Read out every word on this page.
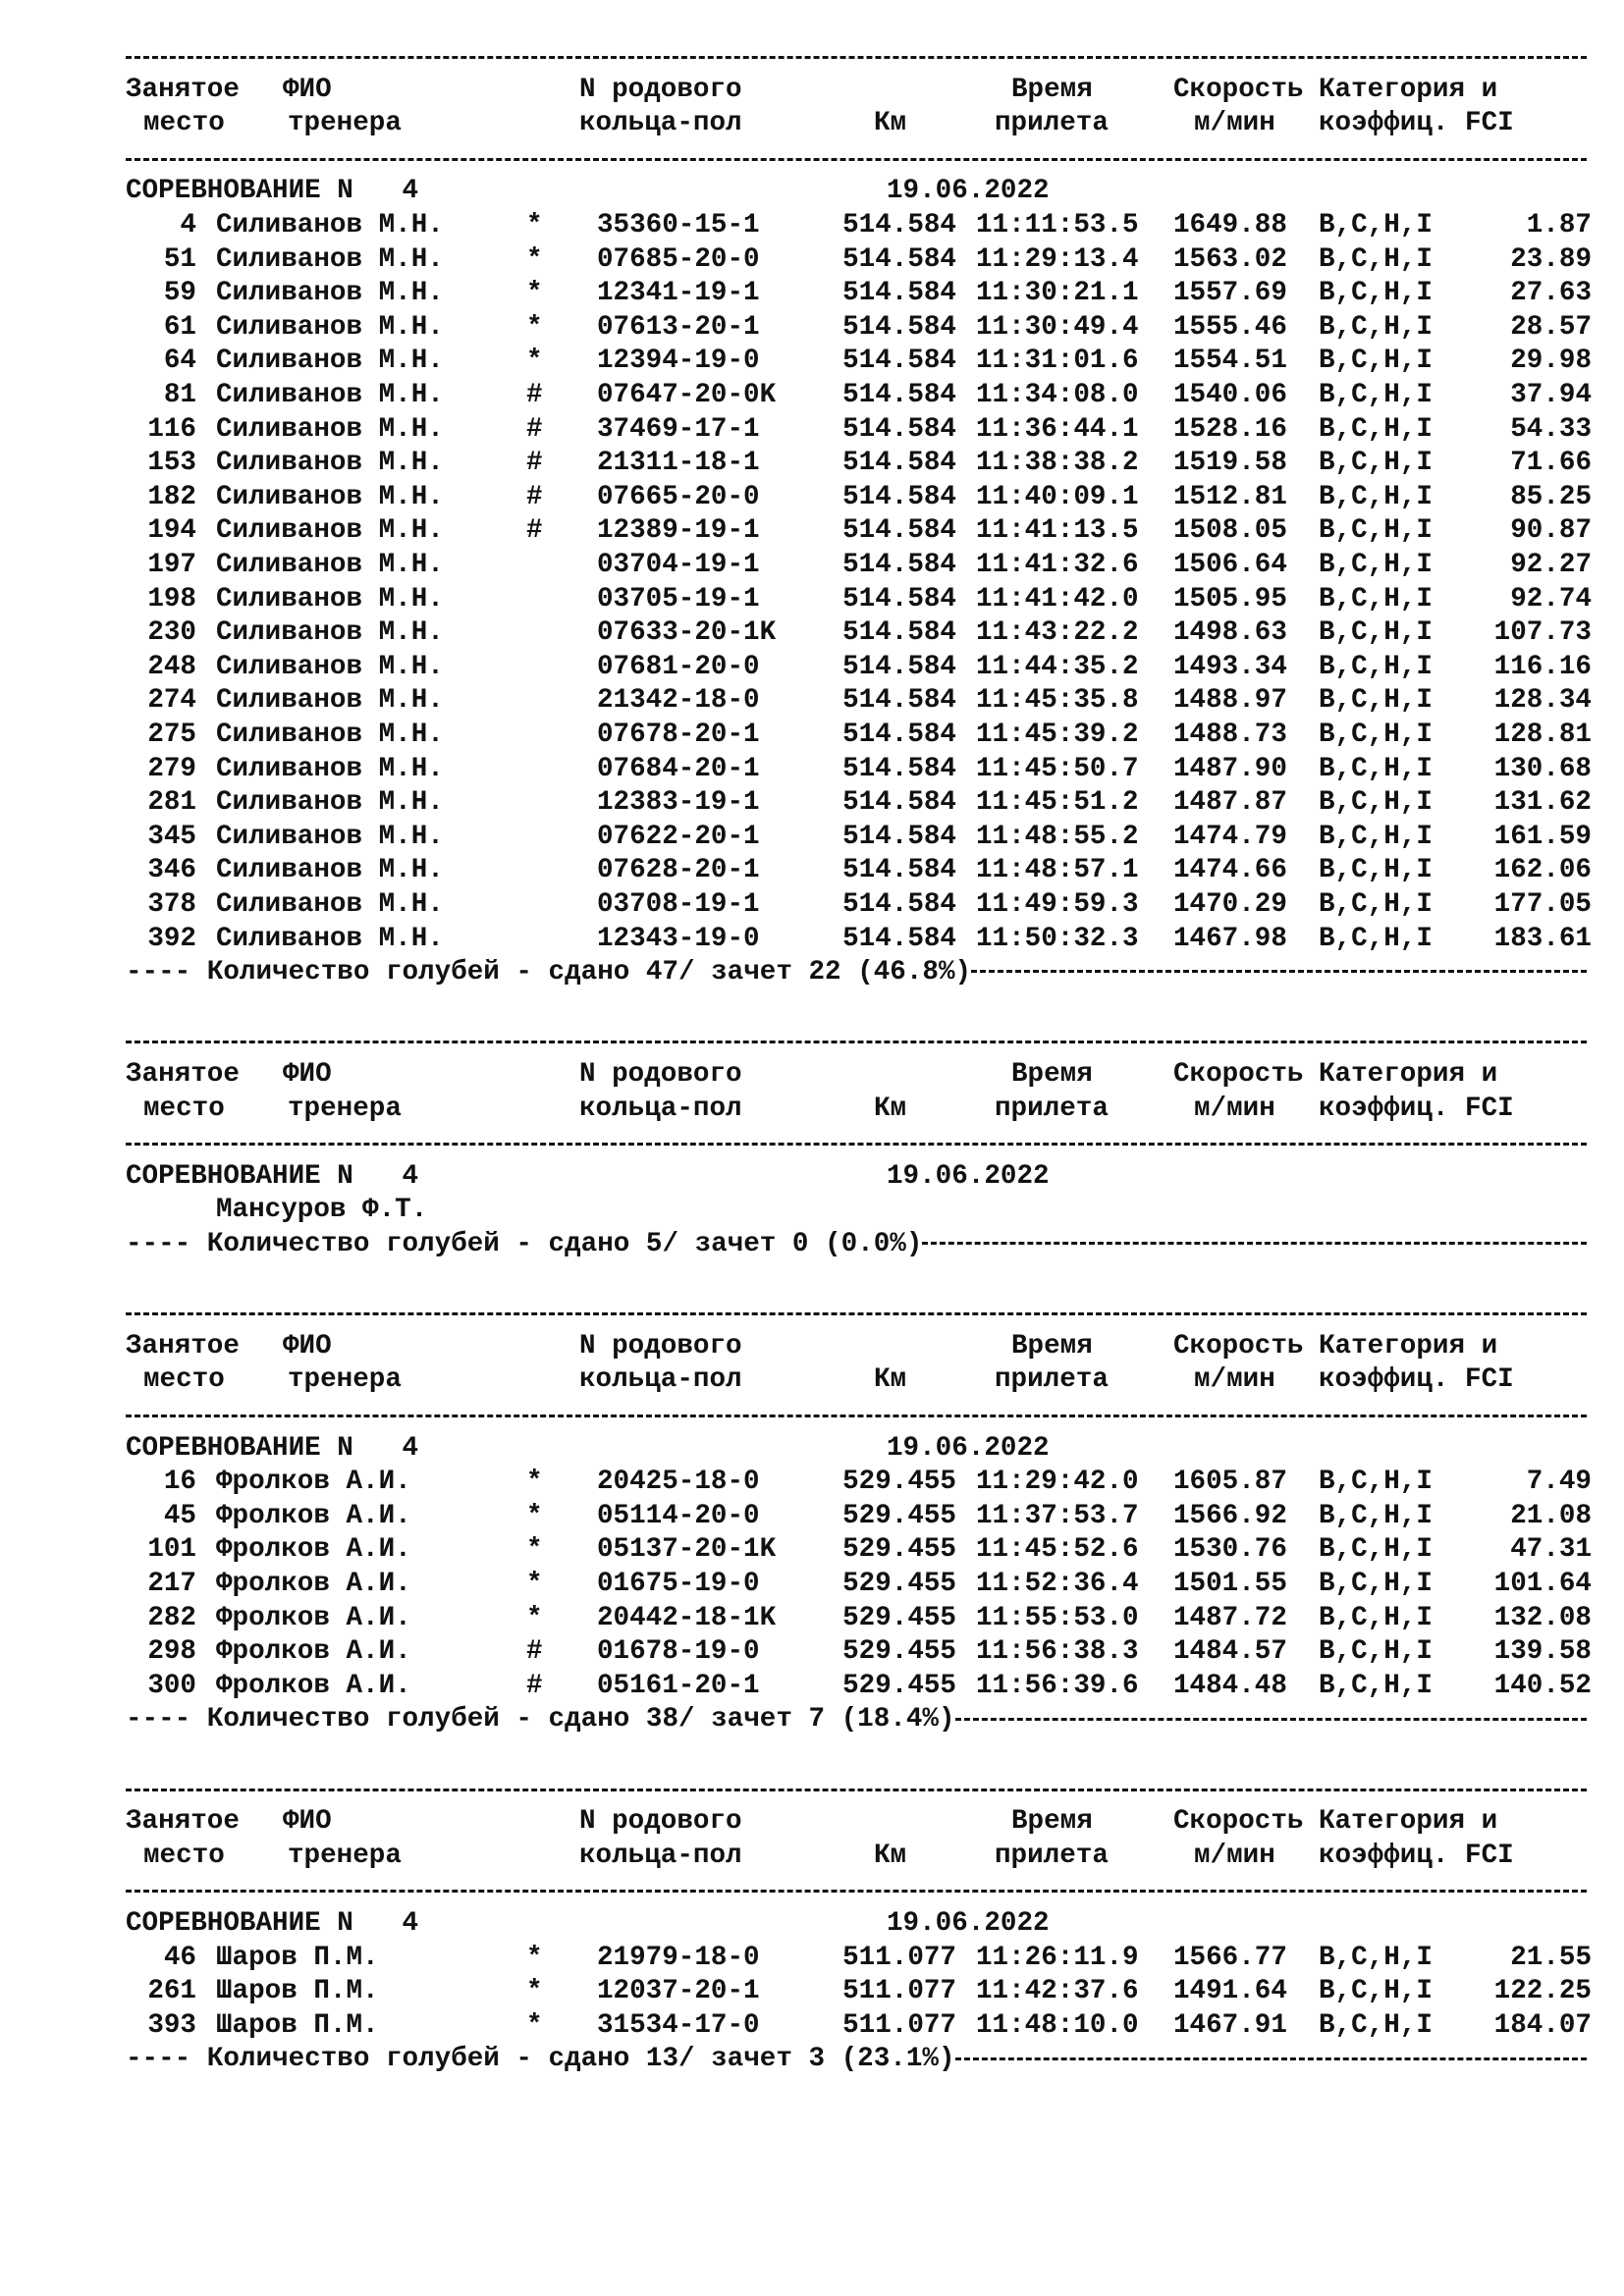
Занятое ФИО	N родового	Время	Скорость Категория и
место тренера	кольца-пол	Км	прилета	м/мин коэффиц. FCI
СОРЕВНОВАНИЕ N   4	19.06.2022
4 Силиванов М.Н.	* 35360-15-1	514.584 11:11:53.5 1649.88 B,C,H,I	1.87
51 Силиванов М.Н.	* 07685-20-0	514.584 11:29:13.4 1563.02 B,C,H,I	23.89
59 Силиванов М.Н.	* 12341-19-1	514.584 11:30:21.1 1557.69 B,C,H,I	27.63
61 Силиванов М.Н.	* 07613-20-1	514.584 11:30:49.4 1555.46 B,C,H,I	28.57
64 Силиванов М.Н.	* 12394-19-0	514.584 11:31:01.6 1554.51 B,C,H,I	29.98
81 Силиванов М.Н.	# 07647-20-0K 514.584 11:34:08.0 1540.06 B,C,H,I	37.94
116 Силиванов М.Н.	# 37469-17-1	514.584 11:36:44.1 1528.16 B,C,H,I	54.33
153 Силиванов М.Н.	# 21311-18-1	514.584 11:38:38.2 1519.58 B,C,H,I	71.66
182 Силиванов М.Н.	# 07665-20-0	514.584 11:40:09.1 1512.81 B,C,H,I	85.25
194 Силиванов М.Н.	# 12389-19-1	514.584 11:41:13.5 1508.05 B,C,H,I	90.87
197 Силиванов М.Н.	03704-19-1	514.584 11:41:32.6 1506.64 B,C,H,I	92.27
198 Силиванов М.Н.	03705-19-1	514.584 11:41:42.0 1505.95 B,C,H,I	92.74
230 Силиванов М.Н.	07633-20-1K 514.584 11:43:22.2 1498.63 B,C,H,I 107.73
248 Силиванов М.Н.	07681-20-0	514.584 11:44:35.2 1493.34 B,C,H,I 116.16
274 Силиванов М.Н.	21342-18-0	514.584 11:45:35.8 1488.97 B,C,H,I 128.34
275 Силиванов М.Н.	07678-20-1	514.584 11:45:39.2 1488.73 B,C,H,I 128.81
279 Силиванов М.Н.	07684-20-1	514.584 11:45:50.7 1487.90 B,C,H,I 130.68
281 Силиванов М.Н.	12383-19-1	514.584 11:45:51.2 1487.87 B,C,H,I 131.62
345 Силиванов М.Н.	07622-20-1	514.584 11:48:55.2 1474.79 B,C,H,I 161.59
346 Силиванов М.Н.	07628-20-1	514.584 11:48:57.1 1474.66 B,C,H,I 162.06
378 Силиванов М.Н.	03708-19-1	514.584 11:49:59.3 1470.29 B,C,H,I 177.05
392 Силиванов М.Н.	12343-19-0	514.584 11:50:32.3 1467.98 B,C,H,I 183.61
---- Количество голубей - сдано 47/ зачет 22 (46.8%)
Занятое ФИО	N родового	Время	Скорость Категория и
место тренера	кольца-пол	Км	прилета	м/мин коэффиц. FCI
СОРЕВНОВАНИЕ N   4	19.06.2022
Мансуров Ф.Т.
---- Количество голубей - сдано 5/ зачет 0 (0.0%)
Занятое ФИО	N родового	Время	Скорость Категория и
место тренера	кольца-пол	Км	прилета	м/мин коэффиц. FCI
СОРЕВНОВАНИЕ N   4	19.06.2022
16 Фролков А.И.	* 20425-18-0	529.455 11:29:42.0 1605.87 B,C,H,I	7.49
45 Фролков А.И.	* 05114-20-0	529.455 11:37:53.7 1566.92 B,C,H,I	21.08
101 Фролков А.И.	* 05137-20-1K 529.455 11:45:52.6 1530.76 B,C,H,I	47.31
217 Фролков А.И.	* 01675-19-0	529.455 11:52:36.4 1501.55 B,C,H,I 101.64
282 Фролков А.И.	* 20442-18-1K 529.455 11:55:53.0 1487.72 B,C,H,I 132.08
298 Фролков А.И.	# 01678-19-0	529.455 11:56:38.3 1484.57 B,C,H,I 139.58
300 Фролков А.И.	# 05161-20-1	529.455 11:56:39.6 1484.48 B,C,H,I 140.52
---- Количество голубей - сдано 38/ зачет 7 (18.4%)
Занятое ФИО	N родового	Время	Скорость Категория и
место тренера	кольца-пол	Км	прилета	м/мин коэффиц. FCI
СОРЕВНОВАНИЕ N   4	19.06.2022
46 Шаров П.М.	* 21979-18-0	511.077 11:26:11.9 1566.77 B,C,H,I	21.55
261 Шаров П.М.	* 12037-20-1	511.077 11:42:37.6 1491.64 B,C,H,I 122.25
393 Шаров П.М.	* 31534-17-0	511.077 11:48:10.0 1467.91 B,C,H,I 184.07
---- Количество голубей - сдано 13/ зачет 3 (23.1%)
